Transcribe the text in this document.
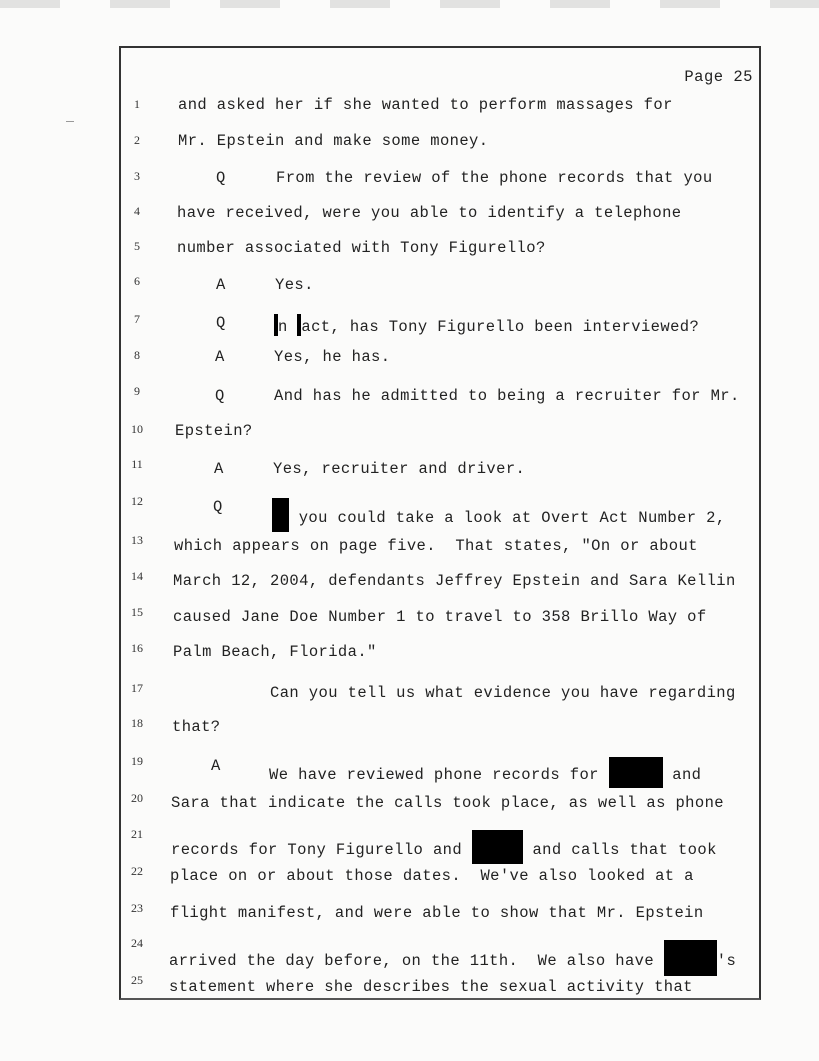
Page 25
1	and asked her if she wanted to perform massages for
2	Mr. Epstein and make some money.
3	Q	From the review of the phone records that you
4	have received, were you able to identify a telephone
5	number associated with Tony Figurello?
6	A	Yes.
7	Q	n act, has Tony Figurello been interviewed?
8	A	Yes, he has.
9	Q	And has he admitted to being a recruiter for Mr.
10	Epstein?
11	A	Yes, recruiter and driver.
12	Q
you could take a look at Overt Act Number 2,
13	which appears on page five.  That states, "On or about
14	March 12, 2004, defendants Jeffrey Epstein and Sara Kellin
15	caused Jane Doe Number 1 to travel to 358 Brillo Way of
16	Palm Beach, Florida."
17	Can you tell us what evidence you have regarding
18	that?
19	A	We have reviewed phone records for	and
20	Sara that indicate the calls took place, as well as phone
21
records for Tony Figurello and	and calls that took
22	place on or about those dates.  We've also looked at a
23	flight manifest, and were able to show that Mr. Epstein
24
arrived the day before, on the 11th.  We also have	's
25	statement where she describes the sexual activity that
